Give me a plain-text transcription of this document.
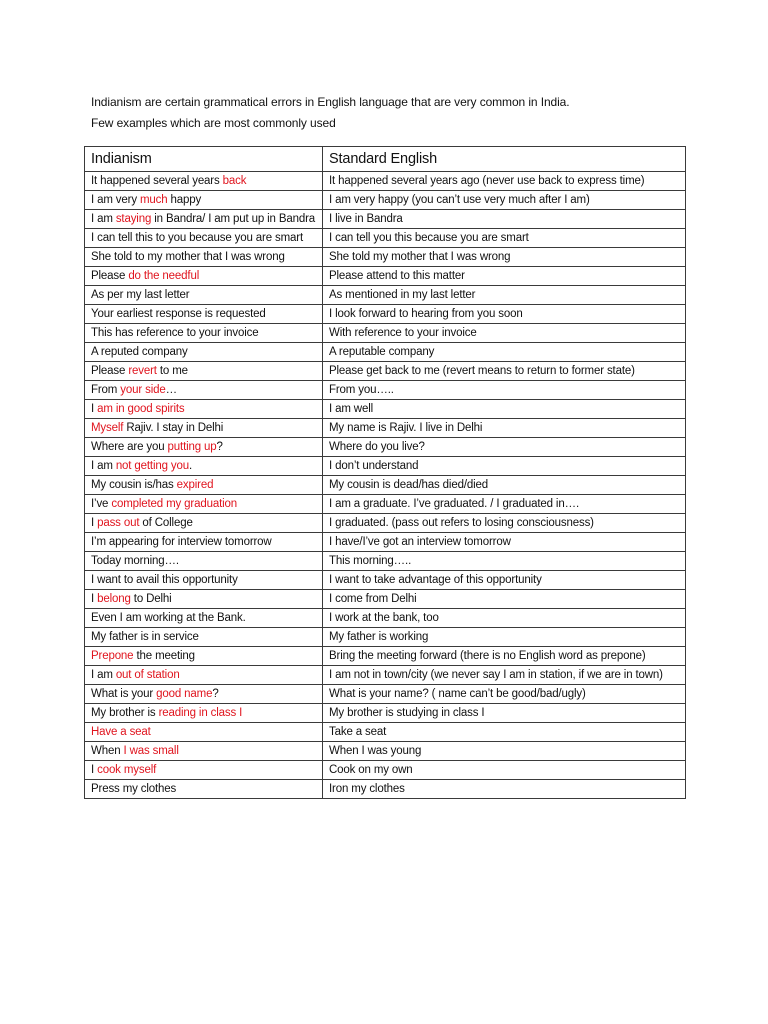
Indianism are certain grammatical errors in English language that are very common in India.
Few examples which are most commonly used
Indianism	Standard English
It happened several years back	It happened several years ago (never use back to express time)
I am very much happy	I am very happy (you can’t use very much after I am)
I am staying in Bandra/ I am put up in Bandra	I live in Bandra
I can tell this to you because you are smart	I can tell you this because you are smart
She told to my mother that I was wrong	She told my mother that I was wrong
Please do the needful	Please attend to this matter
As per my last letter	As mentioned in my last letter
Your earliest response is requested	I look forward to hearing from you soon
This has reference to your invoice	With reference to your invoice
A reputed company	A reputable company
Please revert to me	Please get back to me (revert means to return to former state)
From your side…	From you…..
I am in good spirits	I am well
Myself Rajiv. I stay in Delhi	My name is Rajiv. I live in Delhi
Where are you putting up?	Where do you live?
I am not getting you.	I don’t understand
My cousin is/has expired	My cousin is dead/has died/died
I’ve completed my graduation	I am a graduate. I’ve graduated. / I graduated in….
I pass out of College	I graduated. (pass out refers to losing consciousness)
I’m appearing for interview tomorrow	I have/I’ve got an interview tomorrow
Today morning….	This morning…..
I want to avail this opportunity	I want to take advantage of this opportunity
I belong to Delhi	I come from Delhi
Even I am working at the Bank.	I work at the bank, too
My father is in service	My father is working
Prepone the meeting	Bring the meeting forward (there is no English word as prepone)
I am out of station	I am not in town/city (we never say I am in station, if we are in town)
What is your good name?	What is your name? ( name can’t be good/bad/ugly)
My brother is reading in class I	My brother is studying in class I
Have a seat	Take a seat
When I was small	When I was young
I cook myself	Cook on my own
Press my clothes	Iron my clothes
